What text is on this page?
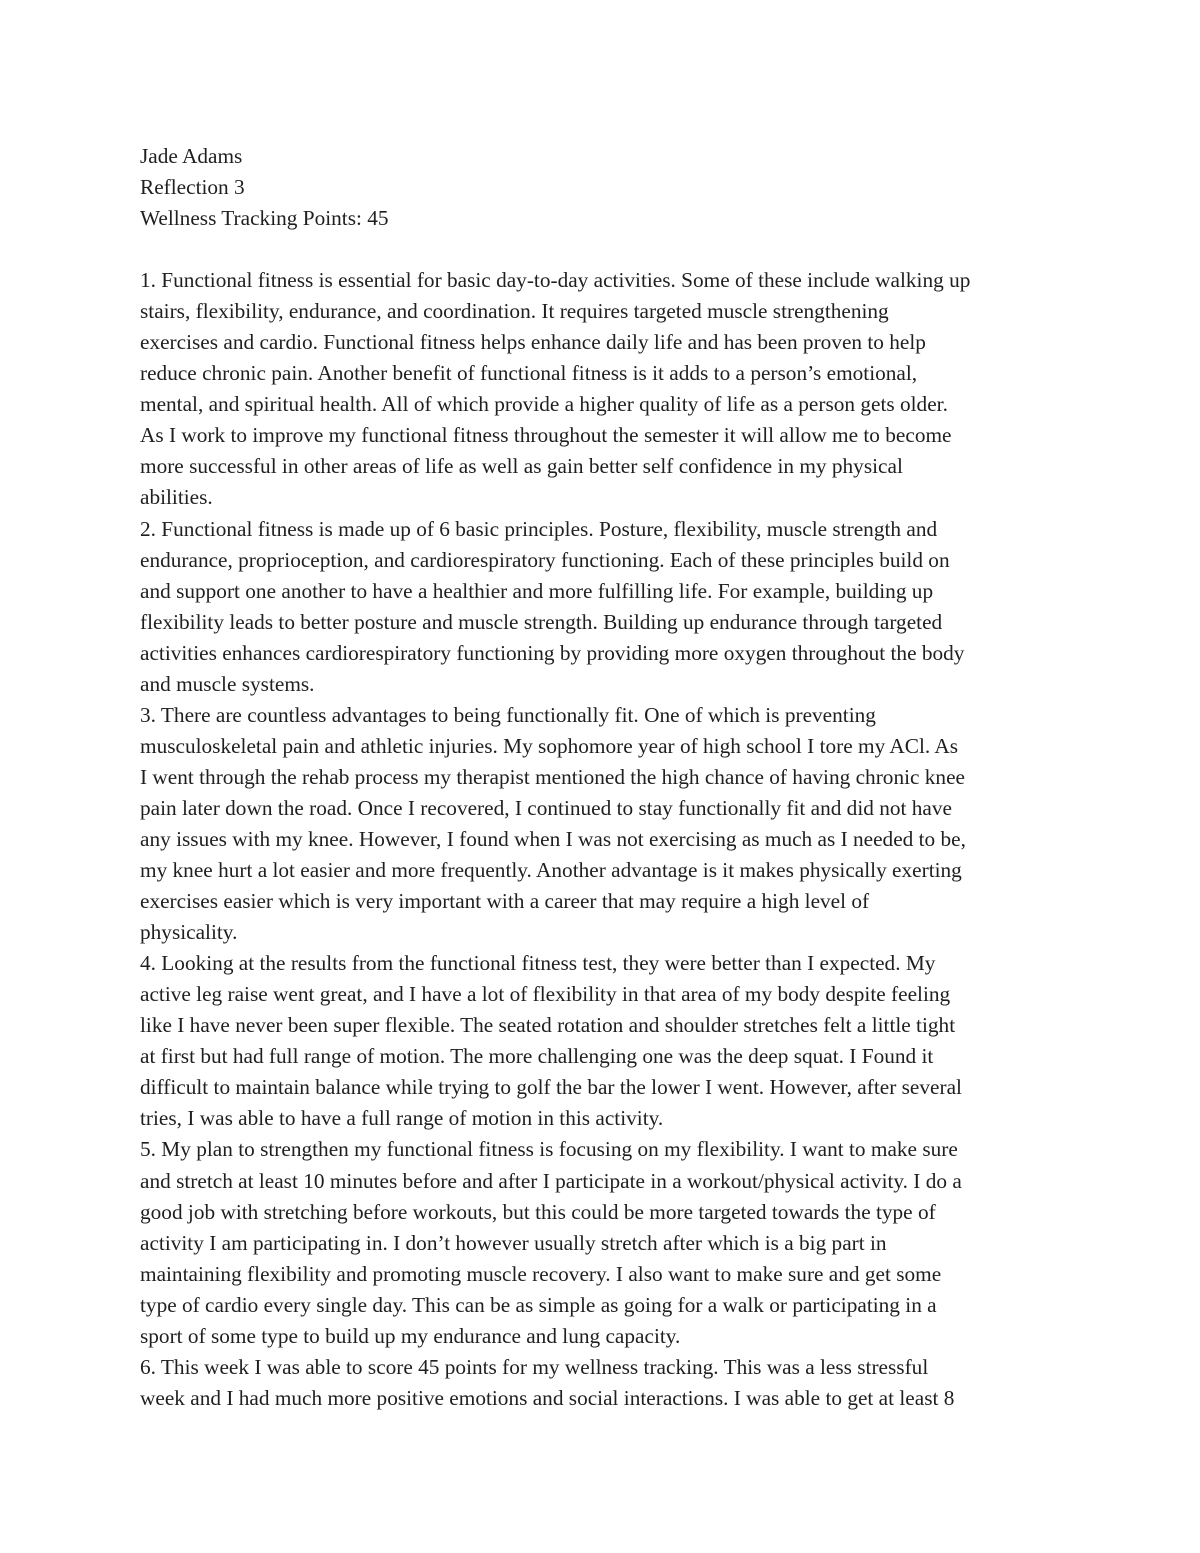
Jade Adams
Reflection 3
Wellness Tracking Points: 45
1. Functional fitness is essential for basic day-to-day activities. Some of these include walking up
stairs, flexibility, endurance, and coordination. It requires targeted muscle strengthening
exercises and cardio. Functional fitness helps enhance daily life and has been proven to help
reduce chronic pain. Another benefit of functional fitness is it adds to a person’s emotional,
mental, and spiritual health. All of which provide a higher quality of life as a person gets older.
As I work to improve my functional fitness throughout the semester it will allow me to become
more successful in other areas of life as well as gain better self confidence in my physical
abilities.
2. Functional fitness is made up of 6 basic principles. Posture, flexibility, muscle strength and
endurance, proprioception, and cardiorespiratory functioning. Each of these principles build on
and support one another to have a healthier and more fulfilling life. For example, building up
flexibility leads to better posture and muscle strength. Building up endurance through targeted
activities enhances cardiorespiratory functioning by providing more oxygen throughout the body
and muscle systems.
3. There are countless advantages to being functionally fit. One of which is preventing
musculoskeletal pain and athletic injuries. My sophomore year of high school I tore my ACl. As
I went through the rehab process my therapist mentioned the high chance of having chronic knee
pain later down the road. Once I recovered, I continued to stay functionally fit and did not have
any issues with my knee. However, I found when I was not exercising as much as I needed to be,
my knee hurt a lot easier and more frequently. Another advantage is it makes physically exerting
exercises easier which is very important with a career that may require a high level of
physicality.
4. Looking at the results from the functional fitness test, they were better than I expected. My
active leg raise went great, and I have a lot of flexibility in that area of my body despite feeling
like I have never been super flexible. The seated rotation and shoulder stretches felt a little tight
at first but had full range of motion. The more challenging one was the deep squat. I Found it
difficult to maintain balance while trying to golf the bar the lower I went. However, after several
tries, I was able to have a full range of motion in this activity.
5. My plan to strengthen my functional fitness is focusing on my flexibility. I want to make sure
and stretch at least 10 minutes before and after I participate in a workout/physical activity. I do a
good job with stretching before workouts, but this could be more targeted towards the type of
activity I am participating in. I don’t however usually stretch after which is a big part in
maintaining flexibility and promoting muscle recovery. I also want to make sure and get some
type of cardio every single day. This can be as simple as going for a walk or participating in a
sport of some type to build up my endurance and lung capacity.
6. This week I was able to score 45 points for my wellness tracking. This was a less stressful
week and I had much more positive emotions and social interactions. I was able to get at least 8
